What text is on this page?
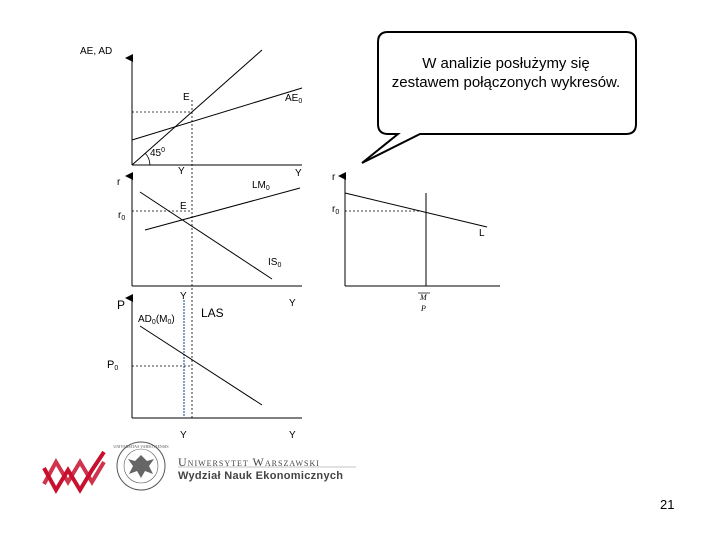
AE, AD
E	$AE_0$
$45^0$
Y
r
$r_0$
E
$LM_0$
$IS_0$
Y
Y
r
$r_0$
L
M
P
P
$AD_0(M_0)$ LAS
P0
Y
Y	Y
UNIVERSITAS VARSOVIENSIS
W analizie posłużymy się zestawem połączonych wykresów.
Uniwersytet Warszawski
Wydział Nauk Ekonomicznych
21
